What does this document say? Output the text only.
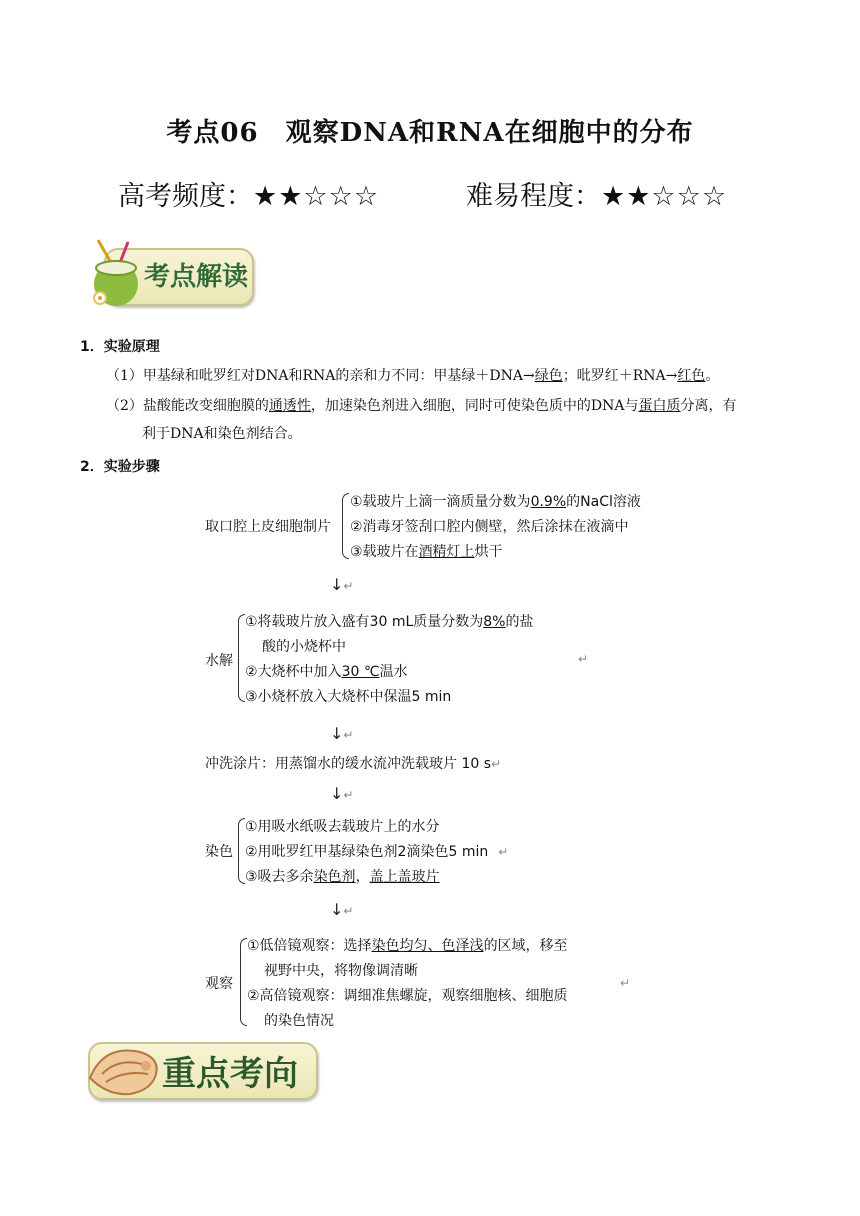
考点06　观察DNA和RNA在细胞中的分布
高考频度：★★☆☆☆	难易程度：★★☆☆☆
考点解读
1．实验原理
（1）甲基绿和吡罗红对DNA和RNA的亲和力不同：甲基绿＋DNA→绿色；吡罗红＋RNA→红色。
（2）盐酸能改变细胞膜的通透性，加速染色剂进入细胞，同时可使染色质中的DNA与蛋白质分离，有
利于DNA和染色剂结合。
2．实验步骤
取口腔上皮细胞制片
①载玻片上滴一滴质量分数为0.9%的NaCl溶液
②消毒牙签刮口腔内侧壁，然后涂抹在液滴中
③载玻片在酒精灯上烘干
↓↵
水解
①将载玻片放入盛有30 mL质量分数为8%的盐
酸的小烧杯中
②大烧杯中加入30 ℃温水
③小烧杯放入大烧杯中保温5 min
↵
↓↵
冲洗涂片：用蒸馏水的缓水流冲洗载玻片 10 s↵
↓↵
染色
①用吸水纸吸去载玻片上的水分
②用吡罗红甲基绿染色剂2滴染色5 min ↵
③吸去多余染色剂，盖上盖玻片
↓↵
观察
①低倍镜观察：选择染色均匀、色泽浅的区域，移至
视野中央，将物像调清晰
②高倍镜观察：调细准焦螺旋，观察细胞核、细胞质
的染色情况
↵
重点考向
